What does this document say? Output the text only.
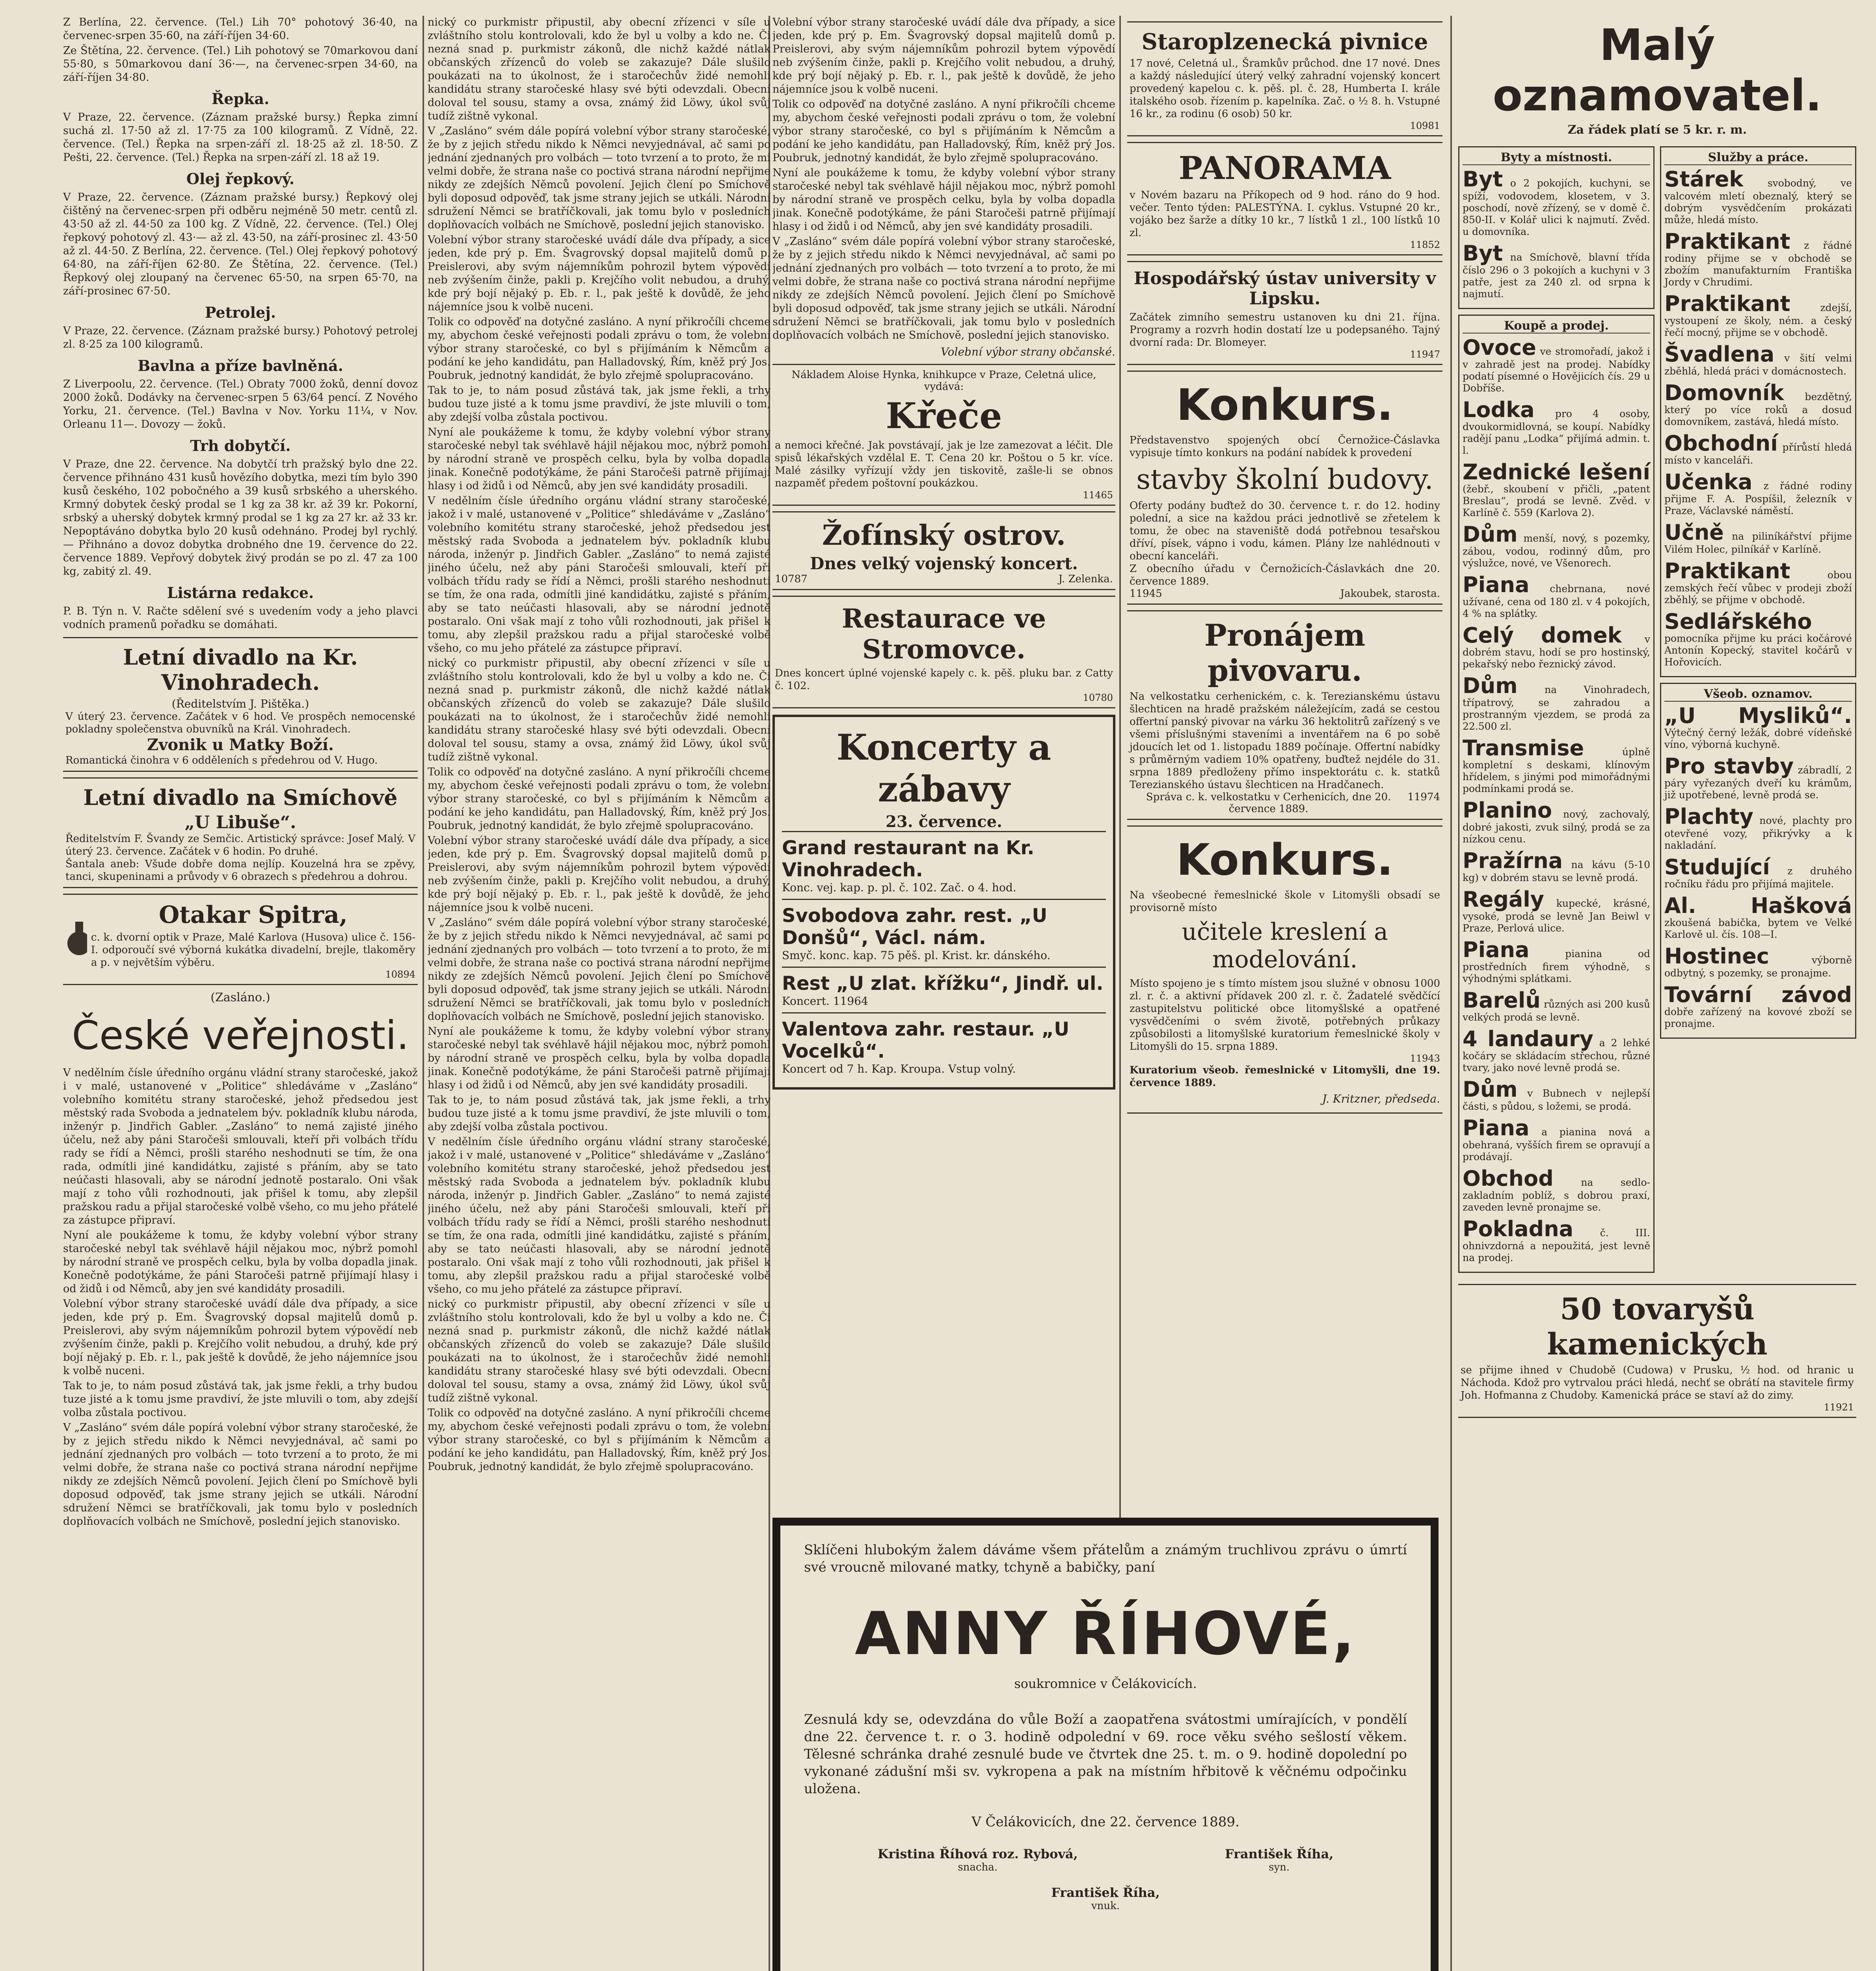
Z Berlína, 22. července. (Tel.) Lih 70° pohotový 36·40, na červenec-srpen 35·60, na září-říjen 34·60.

Ze Štětína, 22. července. (Tel.) Lih pohotový se 70markovou daní 55·80, s 50markovou daní 36·—, na červenec-srpen 34·60, na září-říjen 34·80.

Řepka.

V Praze, 22. července. (Záznam pražské bursy.) Řepka zimní suchá zl. 17·50 až zl. 17·75 za 100 kilogramů. Z Vídně, 22. července. (Tel.) Řepka na srpen-září zl. 18·25 až zl. 18·50. Z Pešti, 22. července. (Tel.) Řepka na srpen-září zl. 18 až 19.

Olej řepkový.

V Praze, 22. července. (Záznam pražské bursy.) Řepkový olej čištěný na červenec-srpen při odběru nejméně 50 metr. centů zl. 43·50 až zl. 44·50 za 100 kg. Z Vídně, 22. července. (Tel.) Olej řepkový pohotový zl. 43·— až zl. 43·50, na září-prosinec zl. 43·50 až zl. 44·50. Z Berlína, 22. července. (Tel.) Olej řepkový pohotový 64·80, na září-říjen 62·80. Ze Štětína, 22. července. (Tel.) Řepkový olej zloupaný na červenec 65·50, na srpen 65·70, na září-prosinec 67·50.

Petrolej.

V Praze, 22. července. (Záznam pražské bursy.) Pohotový petrolej zl. 8·25 za 100 kilogramů.

Bavlna a příze bavlněná.

Z Liverpoolu, 22. července. (Tel.) Obraty 7000 žoků, denní dovoz 2000 žoků. Dodávky na červenec-srpen 5 63/64 pencí. Z Nového Yorku, 21. července. (Tel.) Bavlna v Nov. Yorku 11¼, v Nov. Orleanu 11—. Dovozy — žoků.

Trh dobytčí.

V Praze, dne 22. července. Na dobytčí trh pražský bylo dne 22. července přihnáno 431 kusů hovězího dobytka, mezi tím bylo 390 kusů českého, 102 pobočného a 39 kusů srbského a uherského. Krmný dobytek český prodal se 1 kg za 38 kr. až 39 kr. Pokorní, srbský a uherský dobytek krmný prodal se 1 kg za 27 kr. až 33 kr. Nepoptáváno dobytka bylo 20 kusů odehnáno. Prodej byl rychlý. — Přihnáno a dovoz dobytka drobného dne 19. července do 22. července 1889. Vepřový dobytek živý prodán se po zl. 47 za 100 kg, zabitý zl. 49.

Listárna redakce.

P. B. Týn n. V. Račte sdělení své s uvedením vody a jeho plavci vodních pramenů pořadku se domáhati.

Letní divadlo na Kr. Vinohradech.
(Ředitelstvím J. Pištěka.)
V úterý 23. července. Začátek v 6 hod. Ve prospěch nemocenské pokladny společenstva obuvníků na Král. Vinohradech.
Zvonik u Matky Boží.
Romantická činohra v 6 odděleních s předehrou od V. Hugo.
Letní divadlo na Smíchově
„U Libuše“.
Ředitelstvím F. Švandy ze Semčic. Artistický správce: Josef Malý. V úterý 23. července. Začátek v 6 hodin. Po druhé.
Šantala aneb: Všude dobře doma nejlíp. Kouzelná hra se zpěvy, tanci, skupeninami a průvody v 6 obrazech s předehrou a dohrou.
Otakar Spitra,
c. k. dvorní optik v Praze, Malé Karlova (Husova) ulice č. 156-I. odporoučí své výborná kukátka divadelní, brejle, tlakoměry a p. v největším výběru.
10894
(Zasláno.)
České veřejnosti.

V nedělním čísle úředního orgánu vládní strany staročeské, jakož i v malé, ustanovené v „Politice“ shledáváme v „Zasláno“ volebního komitétu strany staročeské, jehož předsedou jest městský rada Svoboda a jednatelem býv. pokladník klubu národa, inženýr p. Jindřich Gabler. „Zasláno“ to nemá zajisté jiného účelu, než aby páni Staročeši smlouvali, kteří při volbách třídu rady se řídí a Němci, prošli starého neshodnuti se tím, že ona rada, odmítli jiné kandidátku, zajisté s přáním, aby se tato neúčasti hlasovali, aby se národní jednotě postaralo. Oni však mají z toho vůli rozhodnouti, jak přišel k tomu, aby zlepšil pražskou radu a přijal staročeské volbě všeho, co mu jeho přátelé za zástupce připraví.

Nyní ale poukážeme k tomu, že kdyby volební výbor strany staročeské nebyl tak svéhlavě hájil nějakou moc, nýbrž pomohl by národní straně ve prospěch celku, byla by volba dopadla jinak. Konečně podotýkáme, že páni Staročeši patrně přijímají hlasy i od židů i od Němců, aby jen své kandidáty prosadili.

Volební výbor strany staročeské uvádí dále dva případy, a sice jeden, kde prý p. Em. Švagrovský dopsal majitelů domů p. Preislerovi, aby svým nájemníkům pohrozil bytem výpovědí neb zvýšením činže, pakli p. Krejčího volit nebudou, a druhý, kde prý bojí nějaký p. Eb. r. l., pak ještě k dovůdě, že jeho nájemníce jsou k volbě nuceni.

Tak to je, to nám posud zůstává tak, jak jsme řekli, a trhy budou tuze jisté a k tomu jsme pravdiví, že jste mluvili o tom, aby zdejší volba zůstala poctivou.

V „Zasláno“ svém dále popírá volební výbor strany staročeské, že by z jejich středu nikdo k Němci nevyjednával, ač sami po jednání zjednaných pro volbách — toto tvrzení a to proto, že mi velmi dobře, že strana naše co poctivá strana národní nepřijme nikdy ze zdejších Němců povolení. Jejich člení po Smíchově byli doposud odpověď, tak jsme strany jejich se utkáli. Národní sdružení Němci se bratříčkovali, jak tomu bylo v posledních doplňovacích volbách ne Smíchově, poslední jejich stanovisko.

nický co purkmistr připustil, aby obecní zřízenci v síle u zvláštního stolu kontrolovali, kdo že byl u volby a kdo ne. Či nezná snad p. purkmistr zákonů, dle nichž každé nátlak občanských zřízenců do voleb se zakazuje? Dále slušilo poukázati na to úkolnost, že i staročechův židé nemohli kandidátu strany staročeské hlasy své býti odevzdali. Obecní doloval tel sousu, stamy a ovsa, známý žid Löwy, úkol svůj tudíž zištně vykonal.

V „Zasláno“ svém dále popírá volební výbor strany staročeské, že by z jejich středu nikdo k Němci nevyjednával, ač sami po jednání zjednaných pro volbách — toto tvrzení a to proto, že mi velmi dobře, že strana naše co poctivá strana národní nepřijme nikdy ze zdejších Němců povolení. Jejich člení po Smíchově byli doposud odpověď, tak jsme strany jejich se utkáli. Národní sdružení Němci se bratříčkovali, jak tomu bylo v posledních doplňovacích volbách ne Smíchově, poslední jejich stanovisko.

Volební výbor strany staročeské uvádí dále dva případy, a sice jeden, kde prý p. Em. Švagrovský dopsal majitelů domů p. Preislerovi, aby svým nájemníkům pohrozil bytem výpovědí neb zvýšením činže, pakli p. Krejčího volit nebudou, a druhý, kde prý bojí nějaký p. Eb. r. l., pak ještě k dovůdě, že jeho nájemníce jsou k volbě nuceni.

Tolik co odpověď na dotyčné zasláno. A nyní přikročíli chceme my, abychom české veřejnosti podali zprávu o tom, že volební výbor strany staročeské, co byl s přijímáním k Němcům a podání ke jeho kandidátu, pan Halladovský, Řím, kněž prý Jos. Poubruk, jednotný kandidát, že bylo zřejmě spolupracováno.

Tak to je, to nám posud zůstává tak, jak jsme řekli, a trhy budou tuze jisté a k tomu jsme pravdiví, že jste mluvili o tom, aby zdejší volba zůstala poctivou.

Nyní ale poukážeme k tomu, že kdyby volební výbor strany staročeské nebyl tak svéhlavě hájil nějakou moc, nýbrž pomohl by národní straně ve prospěch celku, byla by volba dopadla jinak. Konečně podotýkáme, že páni Staročeši patrně přijímají hlasy i od židů i od Němců, aby jen své kandidáty prosadili.

V nedělním čísle úředního orgánu vládní strany staročeské, jakož i v malé, ustanovené v „Politice“ shledáváme v „Zasláno“ volebního komitétu strany staročeské, jehož předsedou jest městský rada Svoboda a jednatelem býv. pokladník klubu národa, inženýr p. Jindřich Gabler. „Zasláno“ to nemá zajisté jiného účelu, než aby páni Staročeši smlouvali, kteří při volbách třídu rady se řídí a Němci, prošli starého neshodnuti se tím, že ona rada, odmítli jiné kandidátku, zajisté s přáním, aby se tato neúčasti hlasovali, aby se národní jednotě postaralo. Oni však mají z toho vůli rozhodnouti, jak přišel k tomu, aby zlepšil pražskou radu a přijal staročeské volbě všeho, co mu jeho přátelé za zástupce připraví.

nický co purkmistr připustil, aby obecní zřízenci v síle u zvláštního stolu kontrolovali, kdo že byl u volby a kdo ne. Či nezná snad p. purkmistr zákonů, dle nichž každé nátlak občanských zřízenců do voleb se zakazuje? Dále slušilo poukázati na to úkolnost, že i staročechův židé nemohli kandidátu strany staročeské hlasy své býti odevzdali. Obecní doloval tel sousu, stamy a ovsa, známý žid Löwy, úkol svůj tudíž zištně vykonal.

Tolik co odpověď na dotyčné zasláno. A nyní přikročíli chceme my, abychom české veřejnosti podali zprávu o tom, že volební výbor strany staročeské, co byl s přijímáním k Němcům a podání ke jeho kandidátu, pan Halladovský, Řím, kněž prý Jos. Poubruk, jednotný kandidát, že bylo zřejmě spolupracováno.

Volební výbor strany staročeské uvádí dále dva případy, a sice jeden, kde prý p. Em. Švagrovský dopsal majitelů domů p. Preislerovi, aby svým nájemníkům pohrozil bytem výpovědí neb zvýšením činže, pakli p. Krejčího volit nebudou, a druhý, kde prý bojí nějaký p. Eb. r. l., pak ještě k dovůdě, že jeho nájemníce jsou k volbě nuceni.

V „Zasláno“ svém dále popírá volební výbor strany staročeské, že by z jejich středu nikdo k Němci nevyjednával, ač sami po jednání zjednaných pro volbách — toto tvrzení a to proto, že mi velmi dobře, že strana naše co poctivá strana národní nepřijme nikdy ze zdejších Němců povolení. Jejich člení po Smíchově byli doposud odpověď, tak jsme strany jejich se utkáli. Národní sdružení Němci se bratříčkovali, jak tomu bylo v posledních doplňovacích volbách ne Smíchově, poslední jejich stanovisko.

Nyní ale poukážeme k tomu, že kdyby volební výbor strany staročeské nebyl tak svéhlavě hájil nějakou moc, nýbrž pomohl by národní straně ve prospěch celku, byla by volba dopadla jinak. Konečně podotýkáme, že páni Staročeši patrně přijímají hlasy i od židů i od Němců, aby jen své kandidáty prosadili.

Tak to je, to nám posud zůstává tak, jak jsme řekli, a trhy budou tuze jisté a k tomu jsme pravdiví, že jste mluvili o tom, aby zdejší volba zůstala poctivou.

V nedělním čísle úředního orgánu vládní strany staročeské, jakož i v malé, ustanovené v „Politice“ shledáváme v „Zasláno“ volebního komitétu strany staročeské, jehož předsedou jest městský rada Svoboda a jednatelem býv. pokladník klubu národa, inženýr p. Jindřich Gabler. „Zasláno“ to nemá zajisté jiného účelu, než aby páni Staročeši smlouvali, kteří při volbách třídu rady se řídí a Němci, prošli starého neshodnuti se tím, že ona rada, odmítli jiné kandidátku, zajisté s přáním, aby se tato neúčasti hlasovali, aby se národní jednotě postaralo. Oni však mají z toho vůli rozhodnouti, jak přišel k tomu, aby zlepšil pražskou radu a přijal staročeské volbě všeho, co mu jeho přátelé za zástupce připraví.

nický co purkmistr připustil, aby obecní zřízenci v síle u zvláštního stolu kontrolovali, kdo že byl u volby a kdo ne. Či nezná snad p. purkmistr zákonů, dle nichž každé nátlak občanských zřízenců do voleb se zakazuje? Dále slušilo poukázati na to úkolnost, že i staročechův židé nemohli kandidátu strany staročeské hlasy své býti odevzdali. Obecní doloval tel sousu, stamy a ovsa, známý žid Löwy, úkol svůj tudíž zištně vykonal.

Tolik co odpověď na dotyčné zasláno. A nyní přikročíli chceme my, abychom české veřejnosti podali zprávu o tom, že volební výbor strany staročeské, co byl s přijímáním k Němcům a podání ke jeho kandidátu, pan Halladovský, Řím, kněž prý Jos. Poubruk, jednotný kandidát, že bylo zřejmě spolupracováno.

Volební výbor strany staročeské uvádí dále dva případy, a sice jeden, kde prý p. Em. Švagrovský dopsal majitelů domů p. Preislerovi, aby svým nájemníkům pohrozil bytem výpovědí neb zvýšením činže, pakli p. Krejčího volit nebudou, a druhý, kde prý bojí nějaký p. Eb. r. l., pak ještě k dovůdě, že jeho nájemníce jsou k volbě nuceni.

Tolik co odpověď na dotyčné zasláno. A nyní přikročíli chceme my, abychom české veřejnosti podali zprávu o tom, že volební výbor strany staročeské, co byl s přijímáním k Němcům a podání ke jeho kandidátu, pan Halladovský, Řím, kněž prý Jos. Poubruk, jednotný kandidát, že bylo zřejmě spolupracováno.

Nyní ale poukážeme k tomu, že kdyby volební výbor strany staročeské nebyl tak svéhlavě hájil nějakou moc, nýbrž pomohl by národní straně ve prospěch celku, byla by volba dopadla jinak. Konečně podotýkáme, že páni Staročeši patrně přijímají hlasy i od židů i od Němců, aby jen své kandidáty prosadili.

V „Zasláno“ svém dále popírá volební výbor strany staročeské, že by z jejich středu nikdo k Němci nevyjednával, ač sami po jednání zjednaných pro volbách — toto tvrzení a to proto, že mi velmi dobře, že strana naše co poctivá strana národní nepřijme nikdy ze zdejších Němců povolení. Jejich člení po Smíchově byli doposud odpověď, tak jsme strany jejich se utkáli. Národní sdružení Němci se bratříčkovali, jak tomu bylo v posledních doplňovacích volbách ne Smíchově, poslední jejich stanovisko.

Volební výbor strany občanské.
Nákladem Aloise Hynka, knihkupce v Praze, Celetná ulice, vydává:
Křeče
a nemoci křečné. Jak povstávají, jak je lze zamezovat a léčit. Dle spisů lékařských vzdělal E. T. Cena 20 kr. Poštou o 5 kr. více. Malé zásilky vyřízují vždy jen tiskovitě, zašle-li se obnos nazpaměť předem poštovní poukázkou.
11465
Žofínský ostrov.
Dnes velký vojenský koncert.
10787	J. Zelenka.
Restaurace ve Stromovce.
Dnes koncert úplné vojenské kapely c. k. pěš. pluku bar. z Catty č. 102.
10780
Koncerty a zábavy
23. července.
Grand restaurant na Kr. Vinohradech.
Konc. vej. kap. p. pl. č. 102. Zač. o 4. hod.
Svobodova zahr. rest. „U Donšů“, Václ. nám.
Smyč. konc. kap. 75 pěš. pl. Krist. kr. dánského.
Rest „U zlat. křížku“, Jindř. ul.
Koncert. 11964
Valentova zahr. restaur. „U Vocelků“.
Koncert od 7 h. Kap. Kroupa. Vstup volný.
Staroplzenecká pivnice
17 nové, Celetná ul., Šramkův průchod. dne 17 nové. Dnes a každý následující úterý velký zahradní vojenský koncert provedený kapelou c. k. pěš. pl. č. 28, Humberta I. krále italského osob. řízením p. kapelníka. Zač. o ½ 8. h. Vstupné 16 kr., za rodinu (6 osob) 50 kr.
10981
PANORAMA
v Novém bazaru na Příkopech od 9 hod. ráno do 9 hod. večer. Tento týden: PALESTÝNA. I. cyklus. Vstupné 20 kr., vojáko bez šarže a dítky 10 kr., 7 lístků 1 zl., 100 lístků 10 zl.
11852
Hospodářský ústav university v Lipsku.
Začátek zimního semestru ustanoven ku dni 21. října. Programy a rozvrh hodin dostatí lze u podepsaného. Tajný dvorní rada: Dr. Blomeyer.
11947
Konkurs.
Představenstvo spojených obcí Černožice-Čáslavka vypisuje tímto konkurs na podání nabídek k provedení
stavby školní budovy.
Oferty podány buďtež do 30. července t. r. do 12. hodiny polední, a sice na každou práci jednotlivě se zřetelem k tomu, že obec na staveniště dodá potřebnou tesařskou dříví, písek, vápno i vodu, kámen. Plány lze nahlédnouti v obecní kanceláři.
Z obecního úřadu v Černožicích-Čáslavkách dne 20. července 1889.
11945	Jakoubek, starosta.
Pronájem pivovaru.
Na velkostatku cerhenickém, c. k. Terezianskému ústavu šlechticen na hradě pražském náležejícím, zadá se cestou offertní panský pivovar na várku 36 hektolitrů zařízený s ve všemi příslušnými staveními a inventářem na 6 po sobě jdoucích let od 1. listopadu 1889 počínaje. Offertní nabídky s průměrným vadiem 10% opatřeny, buďtež nejdéle do 31. srpna 1889 předloženy přímo inspektorátu c. k. statků Terezianského ústavu šlechticen na Hradčanech.
Správa c. k. velkostatku v Cerhenicích, dne 20. července 1889.
11974
Konkurs.
Na všeobecné řemeslnické škole v Litomyšli obsadí se provisorně místo
učitele kreslení a modelování.
Místo spojeno je s tímto místem jsou služné v obnosu 1000 zl. r. č. a aktivní přídavek 200 zl. r. č. Žadatelé svědčící zastupitelstvu politické obce litomyšlské a opatřené vysvědčeními o svém životě, potřebných průkazy způsobilosti a litomyšlské kuratorium řemeslnické školy v Litomyšli do 15. srpna 1889.
11943
Kuratorium všeob. řemeslnické v Litomyšli, dne 19. července 1889.
J. Kritzner, předseda.
Sklíčeni hlubokým žalem dáváme všem přátelům a známým truchlivou zprávu o úmrtí své vroucně milované matky, tchyně a babičky, paní
ANNY ŘÍHOVÉ,
soukromnice v Čelákovicích.
Zesnulá kdy se, odevzdána do vůle Boží a zaopatřena svátostmi umírajících, v pondělí dne 22. července t. r. o 3. hodině odpolední v 69. roce věku svého sešlostí věkem. Tělesné schránka drahé zesnulé bude ve čtvrtek dne 25. t. m. o 9. hodině dopolední po vykonané zádušní mši sv. vykropena a pak na místním hřbitově k věčnému odpočinku uložena.
V Čelákovicích, dne 22. července 1889.
Kristina Říhová roz. Rybová,
snacha.
František Říha,
syn.
František Říha,
vnuk.
Malý oznamovatel.
Za řádek platí se 5 kr. r. m.
Byty a místnosti.
Byt o 2 pokojích, kuchyni, se spíží, vodovodem, klosetem, v 3. poschodí, nově zřízený, se v domě č. 850-II. v Kolář ulici k najmutí. Zvěd. u domovníka.
Byt na Smíchově, blavní třída číslo 296 o 3 pokojích a kuchyni v 3 patře, jest za 240 zl. od srpna k najmutí.
Koupě a prodej.
Ovoce ve stromořadí, jakož i v zahradě jest na prodej. Nabídky podatí písemné o Hovějicích čís. 29 u Dobříše.
Lodka pro 4 osoby, dvoukormidlovná, se koupí. Nabídky radějí panu „Lodka“ přijímá admin. t. l.
Zednické lešení (žebř., skoubení v přičli, „patent Breslau“, prodá se levně. Zvěd. v Karlíně č. 559 (Karlova 2).
Dům menší, nový, s pozemky, zábou, vodou, rodinný dům, pro výslužce, nové, ve Všenorech.
Piana chebrnana, nové užívané, cena od 180 zl. v 4 pokojích, 4 % na splátky.
Celý domek v dobrém stavu, hodí se pro hostinský, pekařský nebo řeznický závod.
Dům	na Vinohradech, třípatrový, se zahradou a prostranným vjezdem, se prodá za 22.500 zl.
Transmise	úplně kompletní s deskami, klínovým hřídelem, s jinými pod mimořádnými podmínkami prodá se.
Planino nový, zachovalý, dobré jakosti, zvuk silný, prodá se za nízkou cenu.
Pražírna na kávu (5-10 kg) v dobrém stavu se levně prodá.
Regály kupecké, krásné, vysoké, prodá se levně Jan Beiwl v Praze, Perlová ulice.
Piana	pianina od prostředních firem výhodně, s výhodnými splátkami.
Barelů různých asi 200 kusů velkých prodá se levně.
4 landaury a 2 lehké kočáry se skládacím střechou, různé tvary, jako nové levně prodá se.
Dům v Bubnech v nejlepší části, s půdou, s ložemi, se prodá.
Piana a pianina nová a obehraná, vyšších firem se opravují a prodávají.
Obchod	na sedlo-zakladním poblíž, s dobrou praxí, zaveden levně pronajme se.
Pokladna	č. III. ohnivzdorná a nepoužitá, jest levně na prodej.
Služby a práce.
Stárek svobodný, ve valcovém mletí obeznalý, který se dobrým vysvědčením prokázati může, hledá místo.
Praktikant z řádné rodiny přijme se v obchodě se zbožím manufakturním Františka Jordy v Chrudimi.
Praktikant	zdejší, vystoupení ze školy, ném. a český řečí mocný, přijme se v obchodě.
Švadlena v šití velmi zběhlá, hledá práci v domácnostech.
Domovník bezdětný, který po více roků a dosud domovníkem, zastává, hledá místo.
Obchodní přírůstí hledá místo v kanceláři.
Učenka z řádné rodiny přijme F. A. Pospíšil, železník v Praze, Václavské náměstí.
Učně na piliníkářství přijme Vilém Holec, pilníkář v Karlíně.
Praktikant	obou zemských řečí vůbec v prodeji zboží zběhlý, se přijme v obchodě.
Sedlářského pomocníka přijme ku práci kočárové Antonín Kopecký, stavitel kočárů v Hořovicích.
Všeob. oznamov.
„U Mysliků“. Výtečný černý ležák, dobré vídeňské víno, výborná kuchyně.
Pro stavby zábradlí, 2 páry vyřezaných dveří ku krámům, již upotřebené, levně prodá se.
Plachty nové, plachty pro otevřené vozy, přikrývky a k nakladání.
Studující z druhého ročníku řádu pro přijímá majitele.
Al. Hašková zkoušená babička, bytem ve Velké Karlově ul. čís. 108—I.
Hostinec	výborně odbytný, s pozemky, se pronajme.
Tovární závod dobře zařízený na kovové zboží se pronajme.
50 tovaryšů kamenických
se přijme ihned v Chudobě (Cudowa) v Prusku, ½ hod. od hranic u Náchoda. Kdož pro vytrvalou práci hledá, nechť se obrátí na stavitele firmy Joh. Hofmanna z Chudoby. Kamenická práce se staví až do zimy.
11921
